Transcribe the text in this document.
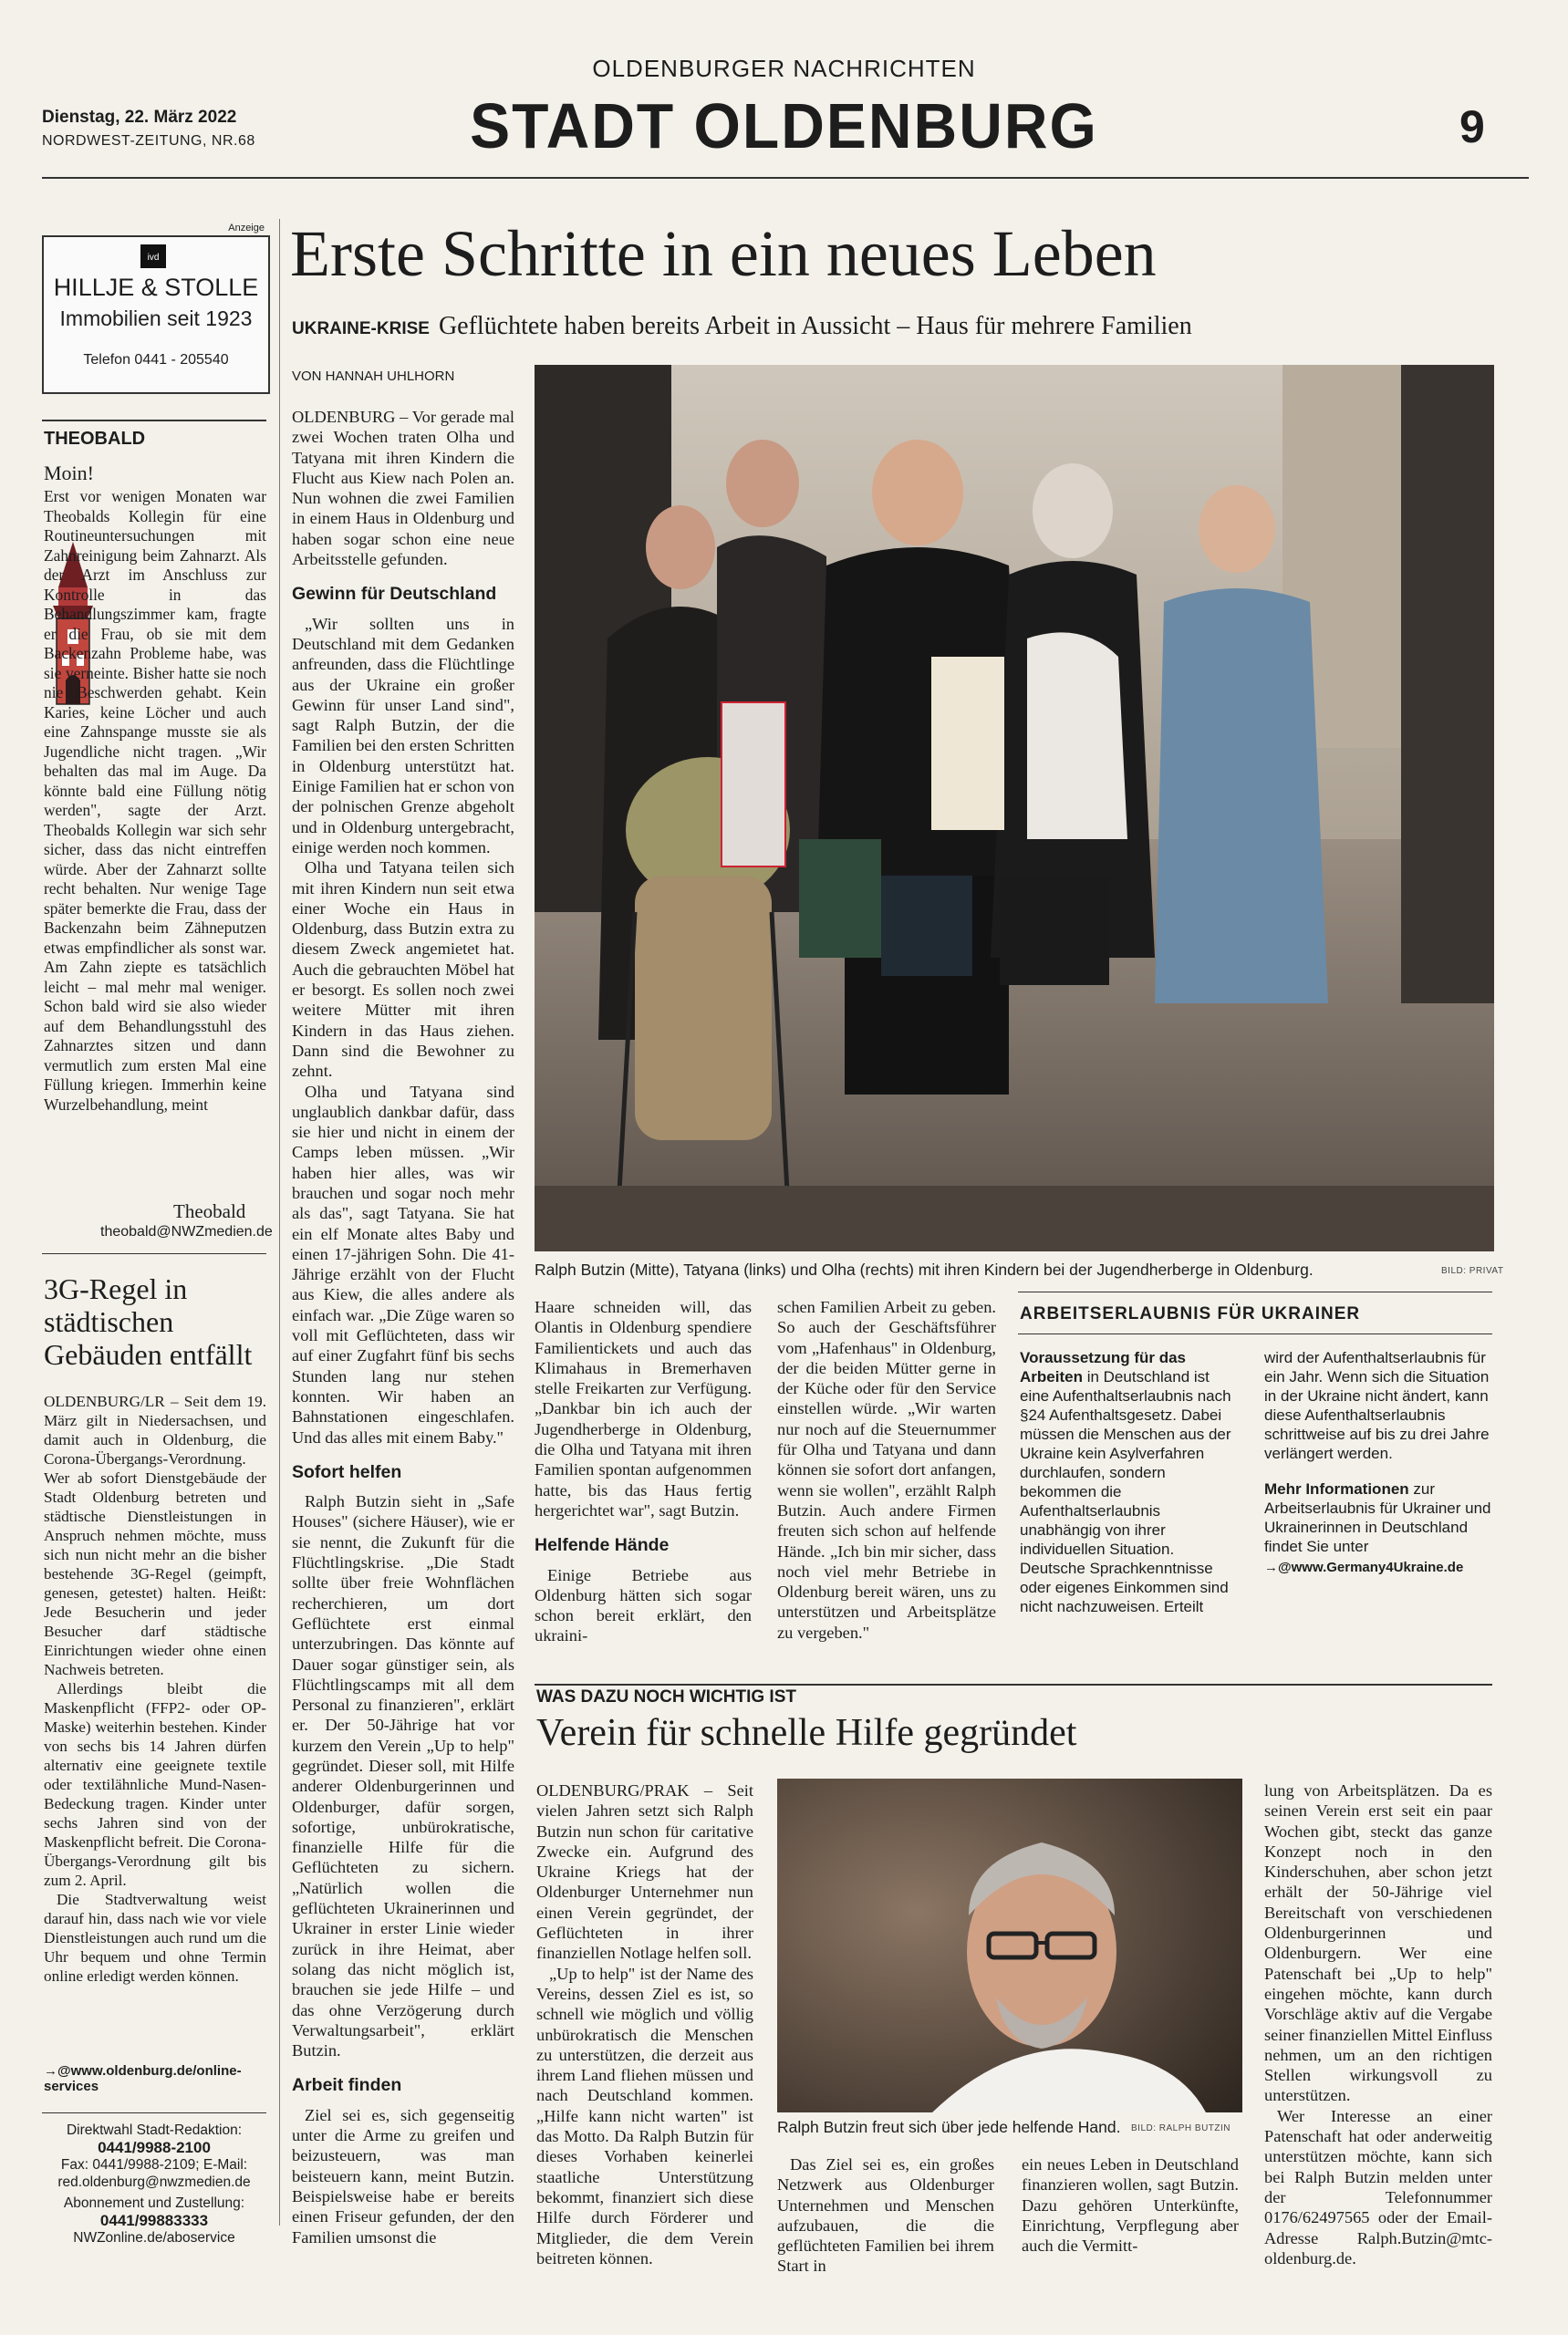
OLDENBURGER NACHRICHTEN
STADT OLDENBURG
Dienstag, 22. März 2022
NORDWEST-ZEITUNG, NR.68	9
Anzeige
ivd
HILLJE & STOLLE
Immobilien seit 1923
Telefon 0441 - 205540
THEOBALD
Moin!
Erst vor wenigen Monaten war Theobalds Kollegin für eine Routineuntersuchungen mit Zahnreinigung beim Zahnarzt. Als der Arzt im Anschluss zur Kontrolle in das Behandlungszimmer kam, fragte er die Frau, ob sie mit dem Backenzahn Probleme habe, was sie verneinte. Bisher hatte sie noch nie Beschwerden gehabt. Kein Karies, keine Löcher und auch eine Zahnspange musste sie als Jugendliche nicht tragen. „Wir behalten das mal im Auge. Da könnte bald eine Füllung nötig werden", sagte der Arzt. Theobalds Kollegin war sich sehr sicher, dass das nicht eintreffen würde. Aber der Zahnarzt sollte recht behalten. Nur wenige Tage später bemerkte die Frau, dass der Backenzahn beim Zähneputzen etwas empfindlicher als sonst war. Am Zahn ziepte es tatsächlich leicht – mal mehr mal weniger. Schon bald wird sie also wieder auf dem Behandlungsstuhl des Zahnarztes sitzen und dann vermutlich zum ersten Mal eine Füllung kriegen. Immerhin keine Wurzelbehandlung, meint
Theobald
theobald@NWZmedien.de
3G-Regel in städtischen Gebäuden entfällt
OLDENBURG/LR – Seit dem 19. März gilt in Niedersachsen, und damit auch in Oldenburg, die Corona-Übergangs-Verordnung. Wer ab sofort Dienstgebäude der Stadt Oldenburg betreten und städtische Dienstleistungen in Anspruch nehmen möchte, muss sich nun nicht mehr an die bisher bestehende 3G-Regel (geimpft, genesen, getestet) halten. Heißt: Jede Besucherin und jeder Besucher darf städtische Einrichtungen wieder ohne einen Nachweis betreten.
Allerdings bleibt die Maskenpflicht (FFP2- oder OP-Maske) weiterhin bestehen. Kinder von sechs bis 14 Jahren dürfen alternativ eine geeignete textile oder textilähnliche Mund-Nasen-Bedeckung tragen. Kinder unter sechs Jahren sind von der Maskenpflicht befreit. Die Corona-Übergangs-Verordnung gilt bis zum 2. April.
Die Stadtverwaltung weist darauf hin, dass nach wie vor viele Dienstleistungen auch rund um die Uhr bequem und ohne Termin online erledigt werden können.
→@www.oldenburg.de/online-services
Direktwahl Stadt-Redaktion:
0441/9988-2100
Fax: 0441/9988-2109; E-Mail:
red.oldenburg@nwzmedien.de
Abonnement und Zustellung:
0441/99883333
NWZonline.de/aboservice
Erste Schritte in ein neues Leben
UKRAINE-KRISE Geflüchtete haben bereits Arbeit in Aussicht – Haus für mehrere Familien
VON HANNAH UHLHORN
OLDENBURG – Vor gerade mal zwei Wochen traten Olha und Tatyana mit ihren Kindern die Flucht aus Kiew nach Polen an. Nun wohnen die zwei Familien in einem Haus in Oldenburg und haben sogar schon eine neue Arbeitsstelle gefunden.
Gewinn für Deutschland
„Wir sollten uns in Deutschland mit dem Gedanken anfreunden, dass die Flüchtlinge aus der Ukraine ein großer Gewinn für unser Land sind", sagt Ralph Butzin, der die Familien bei den ersten Schritten in Oldenburg unterstützt hat. Einige Familien hat er schon von der polnischen Grenze abgeholt und in Oldenburg untergebracht, einige werden noch kommen.
Olha und Tatyana teilen sich mit ihren Kindern nun seit etwa einer Woche ein Haus in Oldenburg, dass Butzin extra zu diesem Zweck angemietet hat. Auch die gebrauchten Möbel hat er besorgt. Es sollen noch zwei weitere Mütter mit ihren Kindern in das Haus ziehen. Dann sind die Bewohner zu zehnt.
Olha und Tatyana sind unglaublich dankbar dafür, dass sie hier und nicht in einem der Camps leben müssen. „Wir haben hier alles, was wir brauchen und sogar noch mehr als das", sagt Tatyana. Sie hat ein elf Monate altes Baby und einen 17-jährigen Sohn. Die 41-Jährige erzählt von der Flucht aus Kiew, die alles andere als einfach war. „Die Züge waren so voll mit Geflüchteten, dass wir auf einer Zugfahrt fünf bis sechs Stunden lang nur stehen konnten. Wir haben an Bahnstationen eingeschlafen. Und das alles mit einem Baby."
Sofort helfen
Ralph Butzin sieht in „Safe Houses" (sichere Häuser), wie er sie nennt, die Zukunft für die Flüchtlingskrise. „Die Stadt sollte über freie Wohnflächen recherchieren, um dort Geflüchtete erst einmal unterzubringen. Das könnte auf Dauer sogar günstiger sein, als Flüchtlingscamps mit all dem Personal zu finanzieren", erklärt er. Der 50-Jährige hat vor kurzem den Verein „Up to help" gegründet. Dieser soll, mit Hilfe anderer Oldenburgerinnen und Oldenburger, dafür sorgen, sofortige, unbürokratische, finanzielle Hilfe für die Geflüchteten zu sichern. „Natürlich wollen die geflüchteten Ukrainerinnen und Ukrainer in erster Linie wieder zurück in ihre Heimat, aber solang das nicht möglich ist, brauchen sie jede Hilfe – und das ohne Verzögerung durch Verwaltungsarbeit", erklärt Butzin.
Arbeit finden
Ziel sei es, sich gegenseitig unter die Arme zu greifen und beizusteuern, was man beisteuern kann, meint Butzin. Beispielsweise habe er bereits einen Friseur gefunden, der den Familien umsonst die
Ralph Butzin (Mitte), Tatyana (links) und Olha (rechts) mit ihren Kindern bei der Jugendherberge in Oldenburg.	BILD: PRIVAT
Haare schneiden will, das Olantis in Oldenburg spendiere Familientickets und auch das Klimahaus in Bremerhaven stelle Freikarten zur Verfügung. „Dankbar bin ich auch der Jugendherberge in Oldenburg, die Olha und Tatyana mit ihren Familien spontan aufgenommen hatte, bis das Haus fertig hergerichtet war", sagt Butzin.
Helfende Hände
Einige Betriebe aus Oldenburg hätten sich sogar schon bereit erklärt, den ukraini-
schen Familien Arbeit zu geben. So auch der Geschäftsführer vom „Hafenhaus" in Oldenburg, der die beiden Mütter gerne in der Küche oder für den Service einstellen würde. „Wir warten nur noch auf die Steuernummer für Olha und Tatyana und dann können sie sofort dort anfangen, wenn sie wollen", erzählt Ralph Butzin. Auch andere Firmen freuten sich schon auf helfende Hände. „Ich bin mir sicher, dass noch viel mehr Betriebe in Oldenburg bereit wären, uns zu unterstützen und Arbeitsplätze zu vergeben."
ARBEITSERLAUBNIS FÜR UKRAINER
Voraussetzung für das Arbeiten in Deutschland ist eine Aufenthaltserlaubnis nach §24 Aufenthaltsgesetz. Dabei müssen die Menschen aus der Ukraine kein Asylverfahren durchlaufen, sondern bekommen die Aufenthaltserlaubnis unabhängig von ihrer individuellen Situation. Deutsche Sprachkenntnisse oder eigenes Einkommen sind nicht nachzuweisen. Erteilt
wird der Aufenthaltserlaubnis für ein Jahr. Wenn sich die Situation in der Ukraine nicht ändert, kann diese Aufenthaltserlaubnis schrittweise auf bis zu drei Jahre verlängert werden.
Mehr Informationen zur Arbeitserlaubnis für Ukrainer und Ukrainerinnen in Deutschland findet Sie unter
→@www.Germany4Ukraine.de
WAS DAZU NOCH WICHTIG IST
Verein für schnelle Hilfe gegründet
OLDENBURG/PRAK – Seit vielen Jahren setzt sich Ralph Butzin nun schon für caritative Zwecke ein. Aufgrund des Ukraine Kriegs hat der Oldenburger Unternehmer nun einen Verein gegründet, der Geflüchteten in ihrer finanziellen Notlage helfen soll.
„Up to help" ist der Name des Vereins, dessen Ziel es ist, so schnell wie möglich und völlig unbürokratisch die Menschen zu unterstützen, die derzeit aus ihrem Land fliehen müssen und nach Deutschland kommen. „Hilfe kann nicht warten" ist das Motto. Da Ralph Butzin für dieses Vorhaben keinerlei staatliche Unterstützung bekommt, finanziert sich diese Hilfe durch Förderer und Mitglieder, die dem Verein beitreten können.
Ralph Butzin freut sich über jede helfende Hand. BILD: RALPH BUTZIN
Das Ziel sei es, ein großes Netzwerk aus Oldenburger Unternehmen und Menschen aufzubauen, die die geflüchteten Familien bei ihrem Start in
ein neues Leben in Deutschland finanzieren wollen, sagt Butzin. Dazu gehören Unterkünfte, Einrichtung, Verpflegung aber auch die Vermitt-
lung von Arbeitsplätzen. Da es seinen Verein erst seit ein paar Wochen gibt, steckt das ganze Konzept noch in den Kinderschuhen, aber schon jetzt erhält der 50-Jährige viel Bereitschaft von verschiedenen Oldenburgerinnen und Oldenburgern. Wer eine Patenschaft bei „Up to help" eingehen möchte, kann durch Vorschläge aktiv auf die Vergabe seiner finanziellen Mittel Einfluss nehmen, um an den richtigen Stellen wirkungsvoll zu unterstützen.
Wer Interesse an einer Patenschaft hat oder anderweitig unterstützen möchte, kann sich bei Ralph Butzin melden unter der Telefonnummer 0176/62497565 oder der Email-Adresse Ralph.Butzin@mtc-oldenburg.de.
